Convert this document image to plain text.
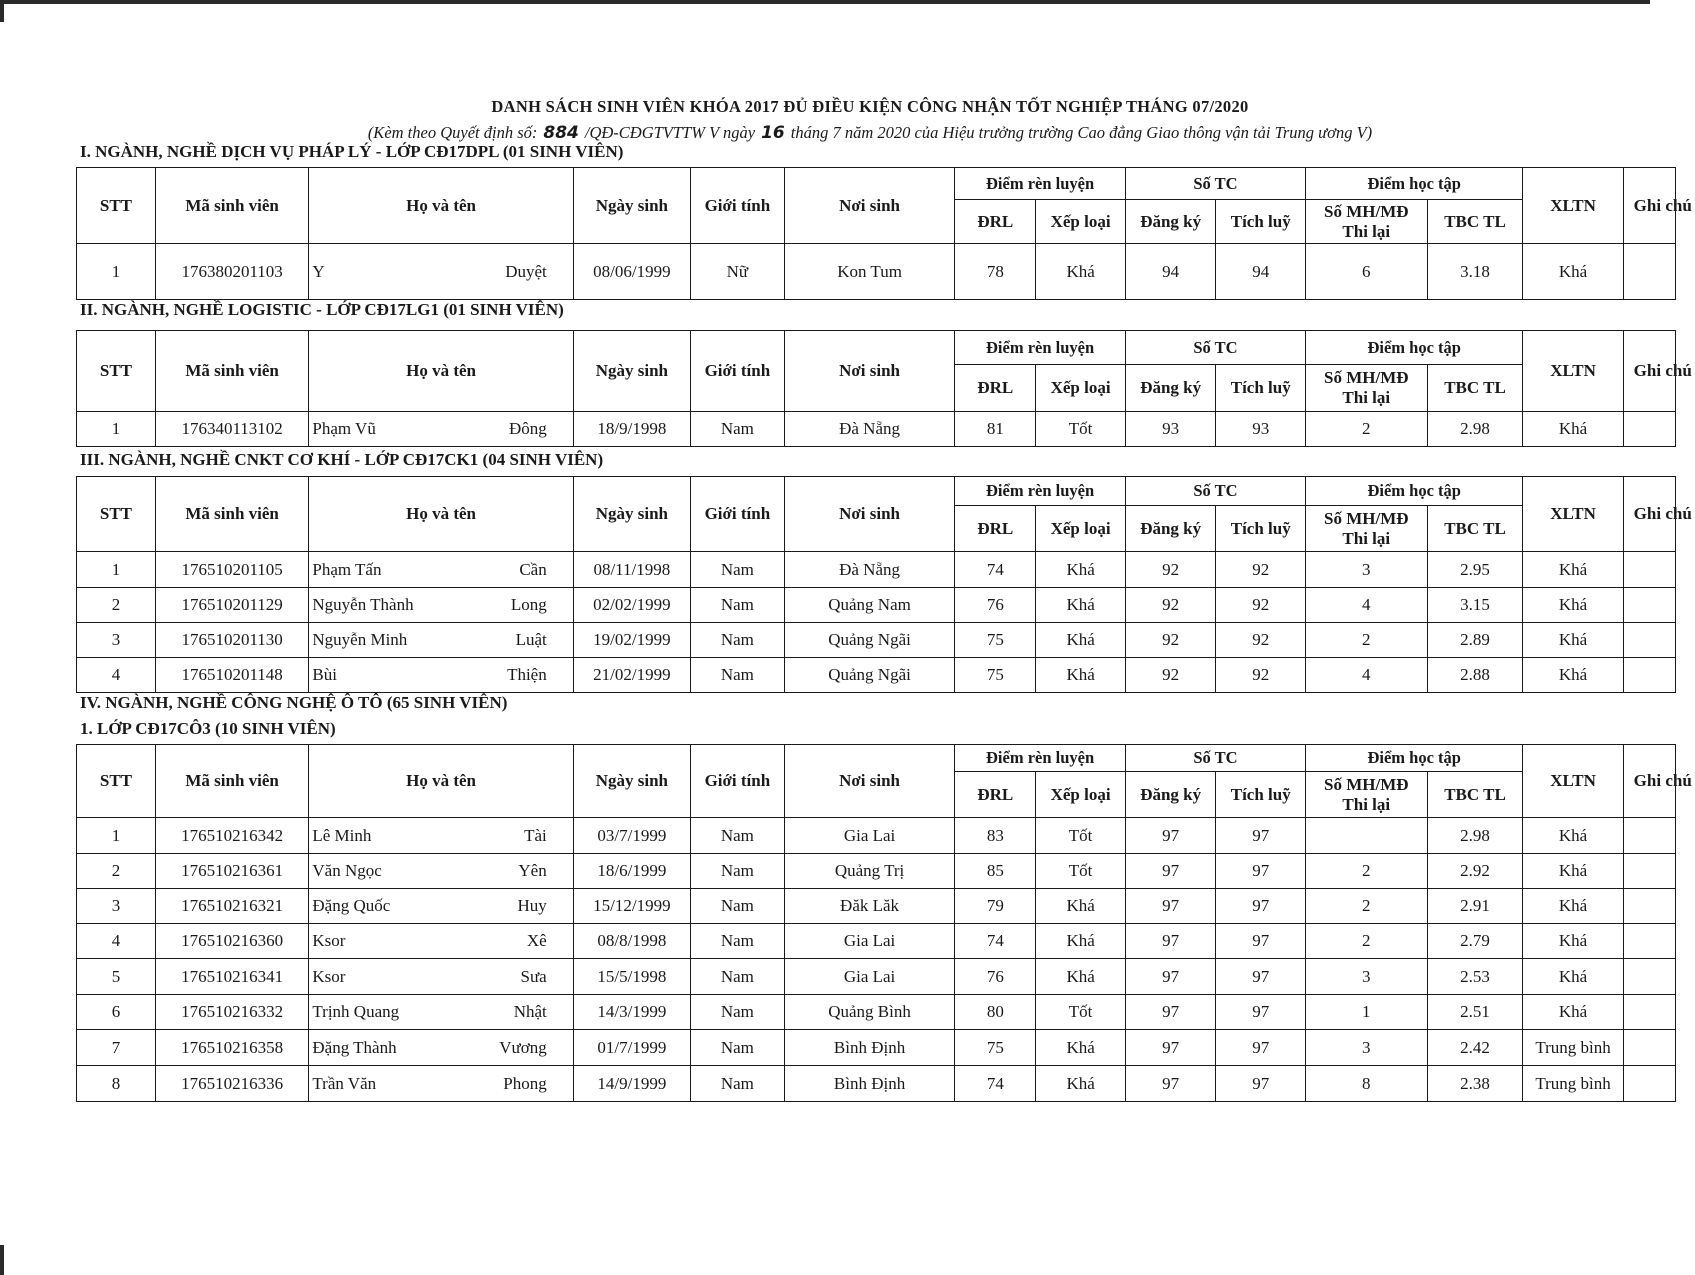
DANH SÁCH SINH VIÊN KHÓA 2017 ĐỦ ĐIỀU KIỆN CÔNG NHẬN TỐT NGHIỆP THÁNG 07/2020
(Kèm theo Quyết định số: 884 /QĐ-CĐGTVTTW V ngày 16 tháng 7 năm 2020 của Hiệu trưởng trường Cao đẳng Giao thông vận tải Trung ương V)
I. NGÀNH, NGHỀ DỊCH VỤ PHÁP LÝ - LỚP CĐ17DPL (01 SINH VIÊN)
STT	Mã sinh viên	Họ và tên	Ngày sinh	Giới tính	Nơi sinh	Điểm rèn luyện		Số TC		Điểm học tập		XLTN	Ghi chú
						ĐRL	Xếp loại	Đăng ký	Tích luỹ	Số MH/MĐ
Thi lại	TBC TL		
1	176380201103	Y Duyệt	08/06/1999	Nữ	Kon Tum	78	Khá	94	94	6	3.18	Khá	
II. NGÀNH, NGHỀ LOGISTIC - LỚP CĐ17LG1 (01 SINH VIÊN)
STT	Mã sinh viên	Họ và tên	Ngày sinh	Giới tính	Nơi sinh	Điểm rèn luyện		Số TC		Điểm học tập		XLTN	Ghi chú
						ĐRL	Xếp loại	Đăng ký	Tích luỹ	Số MH/MĐ
Thi lại	TBC TL		
1	176340113102	Phạm Vũ Đông	18/9/1998	Nam	Đà Nẵng	81	Tốt	93	93	2	2.98	Khá	
III. NGÀNH, NGHỀ CNKT CƠ KHÍ - LỚP CĐ17CK1 (04 SINH VIÊN)
STT	Mã sinh viên	Họ và tên	Ngày sinh	Giới tính	Nơi sinh	Điểm rèn luyện		Số TC		Điểm học tập		XLTN	Ghi chú
						ĐRL	Xếp loại	Đăng ký	Tích luỹ	Số MH/MĐ
Thi lại	TBC TL		
1	176510201105	Phạm Tấn Cần	08/11/1998	Nam	Đà Nẵng	74	Khá	92	92	3	2.95	Khá	
2	176510201129	Nguyễn Thành Long	02/02/1999	Nam	Quảng Nam	76	Khá	92	92	4	3.15	Khá	
3	176510201130	Nguyễn Minh Luật	19/02/1999	Nam	Quảng Ngãi	75	Khá	92	92	2	2.89	Khá	
4	176510201148	Bùi Thiện	21/02/1999	Nam	Quảng Ngãi	75	Khá	92	92	4	2.88	Khá	
IV. NGÀNH, NGHỀ CÔNG NGHỆ Ô TÔ (65 SINH VIÊN)
1. LỚP CĐ17CÔ3 (10 SINH VIÊN)
STT	Mã sinh viên	Họ và tên	Ngày sinh	Giới tính	Nơi sinh	Điểm rèn luyện		Số TC		Điểm học tập		XLTN	Ghi chú
						ĐRL	Xếp loại	Đăng ký	Tích luỹ	Số MH/MĐ
Thi lại	TBC TL		
1	176510216342	Lê Minh Tài	03/7/1999	Nam	Gia Lai	83	Tốt	97	97		2.98	Khá	
2	176510216361	Văn Ngọc Yên	18/6/1999	Nam	Quảng Trị	85	Tốt	97	97	2	2.92	Khá	
3	176510216321	Đặng Quốc Huy	15/12/1999	Nam	Đăk Lăk	79	Khá	97	97	2	2.91	Khá	
4	176510216360	Ksor Xê	08/8/1998	Nam	Gia Lai	74	Khá	97	97	2	2.79	Khá	
5	176510216341	Ksor Sưa	15/5/1998	Nam	Gia Lai	76	Khá	97	97	3	2.53	Khá	
6	176510216332	Trịnh Quang Nhật	14/3/1999	Nam	Quảng Bình	80	Tốt	97	97	1	2.51	Khá	
7	176510216358	Đặng Thành Vương	01/7/1999	Nam	Bình Định	75	Khá	97	97	3	2.42	Trung bình	
8	176510216336	Trần Văn Phong	14/9/1999	Nam	Bình Định	74	Khá	97	97	8	2.38	Trung bình	
